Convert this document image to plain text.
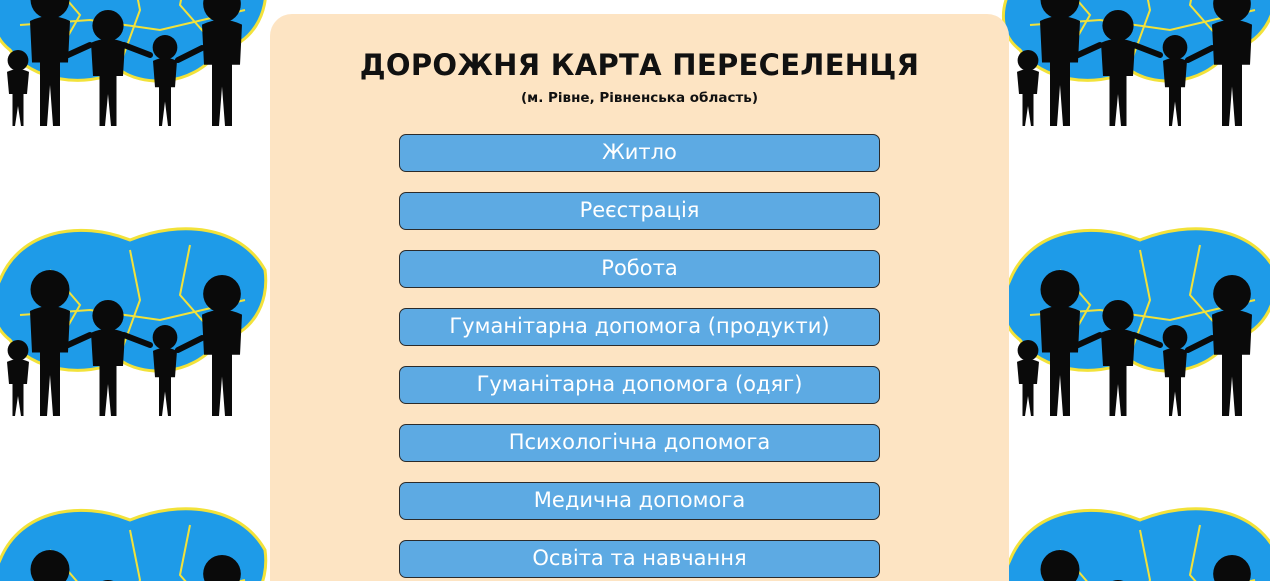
ДОРОЖНЯ КАРТА ПЕРЕСЕЛЕНЦЯ

(м. Рівне, Рівненська область)

Житло
Реєстрація
Робота
Гуманітарна допомога (продукти)
Гуманітарна допомога (одяг)
Психологічна допомога
Медична допомога
Освіта та навчання
